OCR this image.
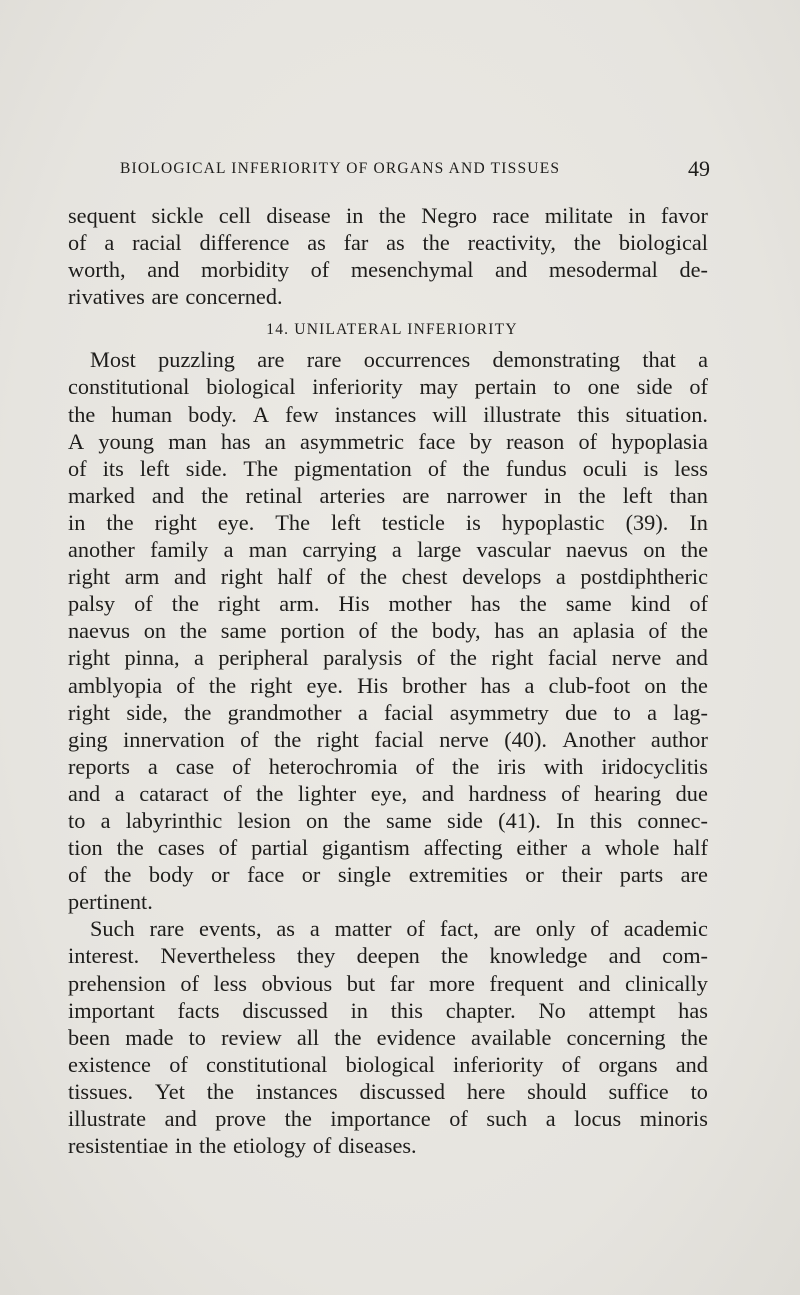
BIOLOGICAL INFERIORITY OF ORGANS AND TISSUES	49
sequent sickle cell disease in the Negro race militate in favor
of a racial difference as far as the reactivity, the biological
worth, and morbidity of mesenchymal and mesodermal de-
rivatives are concerned.
14. UNILATERAL INFERIORITY
Most puzzling are rare occurrences demonstrating that a
constitutional biological inferiority may pertain to one side of
the human body. A few instances will illustrate this situation.
A young man has an asymmetric face by reason of hypoplasia
of its left side. The pigmentation of the fundus oculi is less
marked and the retinal arteries are narrower in the left than
in the right eye. The left testicle is hypoplastic (39). In
another family a man carrying a large vascular naevus on the
right arm and right half of the chest develops a postdiphtheric
palsy of the right arm. His mother has the same kind of
naevus on the same portion of the body, has an aplasia of the
right pinna, a peripheral paralysis of the right facial nerve and
amblyopia of the right eye. His brother has a club-foot on the
right side, the grandmother a facial asymmetry due to a lag-
ging innervation of the right facial nerve (40). Another author
reports a case of heterochromia of the iris with iridocyclitis
and a cataract of the lighter eye, and hardness of hearing due
to a labyrinthic lesion on the same side (41). In this connec-
tion the cases of partial gigantism affecting either a whole half
of the body or face or single extremities or their parts are
pertinent.
Such rare events, as a matter of fact, are only of academic
interest. Nevertheless they deepen the knowledge and com-
prehension of less obvious but far more frequent and clinically
important facts discussed in this chapter. No attempt has
been made to review all the evidence available concerning the
existence of constitutional biological inferiority of organs and
tissues. Yet the instances discussed here should suffice to
illustrate and prove the importance of such a locus minoris
resistentiae in the etiology of diseases.
